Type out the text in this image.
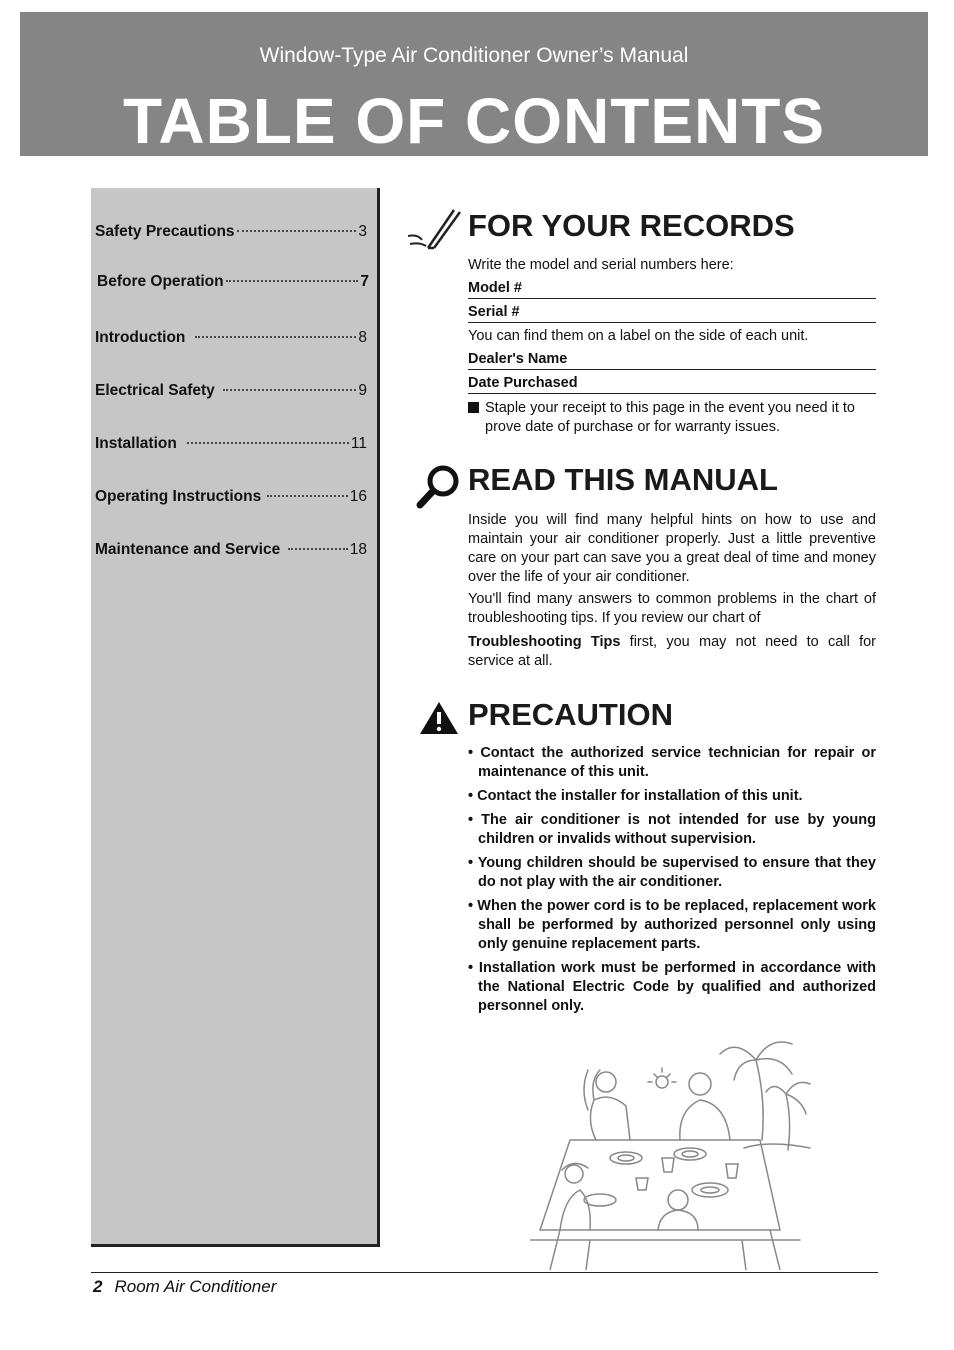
Window-Type Air Conditioner Owner’s Manual
TABLE OF CONTENTS
Safety Precautions	3
Before Operation	7
Introduction	8
Electrical Safety	9
Installation	11
Operating Instructions	16
Maintenance and Service	18
FOR YOUR RECORDS
Write the model and serial numbers here:
Model #
Serial #
You can find them on a label on the side of each unit.
Dealer's Name
Date Purchased
Staple your receipt to this page in the event you need it to prove date of purchase or for warranty issues.
READ THIS MANUAL
Inside you will find many helpful hints on how to use and maintain your air conditioner properly. Just a little preventive care on your part can save you a great deal of time and money over the life of your air conditioner.
You'll find many answers to common problems in the chart of troubleshooting tips. If you review our chart of
Troubleshooting Tips first, you may not need to call for service at all.
PRECAUTION
• Contact the authorized service technician for repair or maintenance of this unit.
• Contact the installer for installation of this unit.
• The air conditioner is not intended for use by young children or invalids without supervision.
• Young children should be supervised to ensure that they do not play with the air conditioner.
• When the power cord is to be replaced, replacement work shall be performed by authorized personnel only using only genuine replacement parts.
• Installation work must be performed in accordance with the National Electric Code by qualified and authorized personnel only.
2 Room Air Conditioner
